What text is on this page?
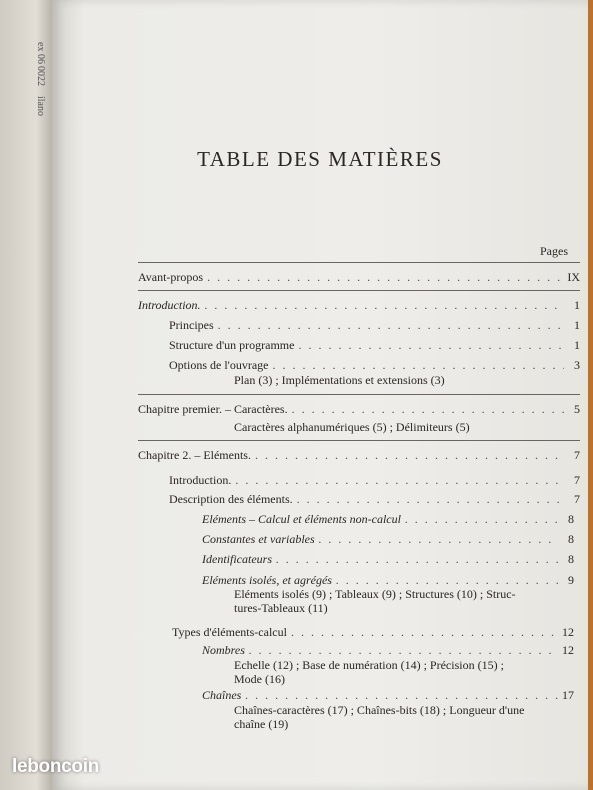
ex 06
0022
ilano
TABLE DES MATIÈRES
Pages
Avant-propos . . .	IX
Introduction. . . .	1
Principes . . .	1
Structure d'un programme . . .	1
Options de l'ouvrage . . .	3
Plan (3) ; Implémentations et extensions (3)
Chapitre premier. – Caractères. . . .	5
Caractères alphanumériques (5) ; Délimiteurs (5)
Chapitre 2. – Eléments. . . .	7
Introduction. . . .	7
Description des éléments. . . .	7
Eléments – Calcul et éléments non-calcul . . .	8
Constantes et variables . . .	8
Identificateurs . . .	8
Eléments isolés, et agrégés . . .	9
Eléments isolés (9) ; Tableaux (9) ; Structures (10) ; Struc-
tures-Tableaux (11)
Types d'éléments-calcul . . .	12
Nombres . . .	12
Echelle (12) ; Base de numération (14) ; Précision (15) ;
Mode (16)
Chaînes . . .	17
Chaînes-caractères (17) ; Chaînes-bits (18) ; Longueur d'une
chaîne (19)
leboncoin
